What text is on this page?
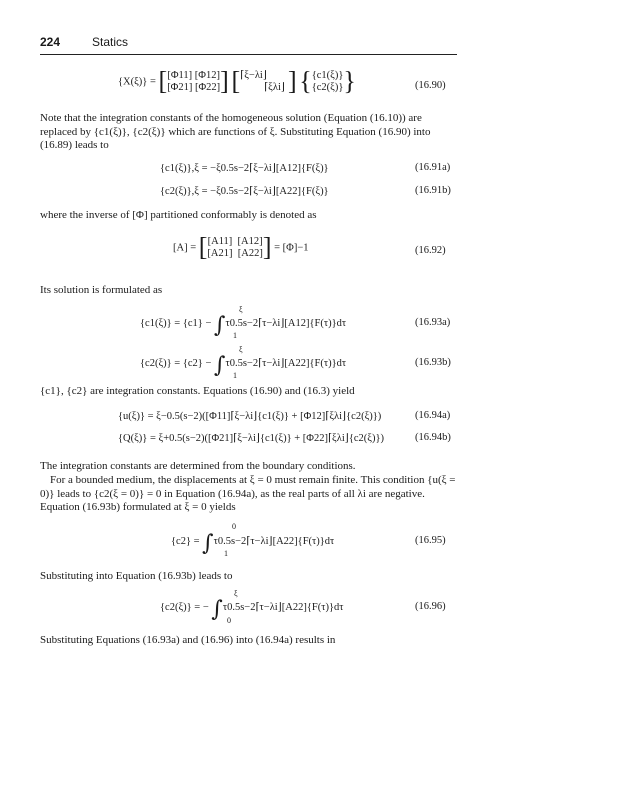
224	Statics
{X(ξ)} = [[Φ11] [Φ12]
[Φ21] [Φ22]] [⌈ξ−λi⌋
⌈ξλi⌋ ] {{c1(ξ)}
{c2(ξ)}}	(16.90)
Note that the integration constants of the homogeneous solution (Equation (16.10)) are replaced by {c1(ξ)}, {c2(ξ)} which are functions of ξ. Substituting Equation (16.90) into (16.89) leads to
{c1(ξ)},ξ = −ξ0.5s−2⌈ξ−λi⌋[A12]{F(ξ)}	(16.91a)
{c2(ξ)},ξ = −ξ0.5s−2⌈ξ−λi⌋[A22]{F(ξ)}	(16.91b)
where the inverse of [Φ] partitioned conformably is denoted as
[A] = [[A11] [A12]
[A21] [A22]] = [Φ]−1	(16.92)
Its solution is formulated as
{c1(ξ)} = {c1} − ∫τ0.5s−2⌈τ−λi⌋[A12]{F(τ)}dτ
ξ
1
(16.93a)
{c2(ξ)} = {c2} − ∫τ0.5s−2⌈τ−λi⌋[A22]{F(τ)}dτ
ξ
1
(16.93b)
{c1}, {c2} are integration constants. Equations (16.90) and (16.3) yield
{u(ξ)} = ξ−0.5(s−2)([Φ11]⌈ξ−λi⌋{c1(ξ)} + [Φ12]⌈ξλi⌋{c2(ξ)})	(16.94a)
{Q(ξ)} = ξ+0.5(s−2)([Φ21]⌈ξ−λi⌋{c1(ξ)} + [Φ22]⌈ξλi⌋{c2(ξ)})	(16.94b)
The integration constants are determined from the boundary conditions.
For a bounded medium, the displacements at ξ = 0 must remain finite. This condition {u(ξ = 0)} leads to {c2(ξ = 0)} = 0 in Equation (16.94a), as the real parts of all λi are negative. Equation (16.93b) formulated at ξ = 0 yields
{c2} = ∫τ0.5s−2⌈τ−λi⌋[A22]{F(τ)}dτ
0
1
(16.95)
Substituting into Equation (16.93b) leads to
{c2(ξ)} = − ∫τ0.5s−2⌈τ−λi⌋[A22]{F(τ)}dτ
ξ
0
(16.96)
Substituting Equations (16.93a) and (16.96) into (16.94a) results in
